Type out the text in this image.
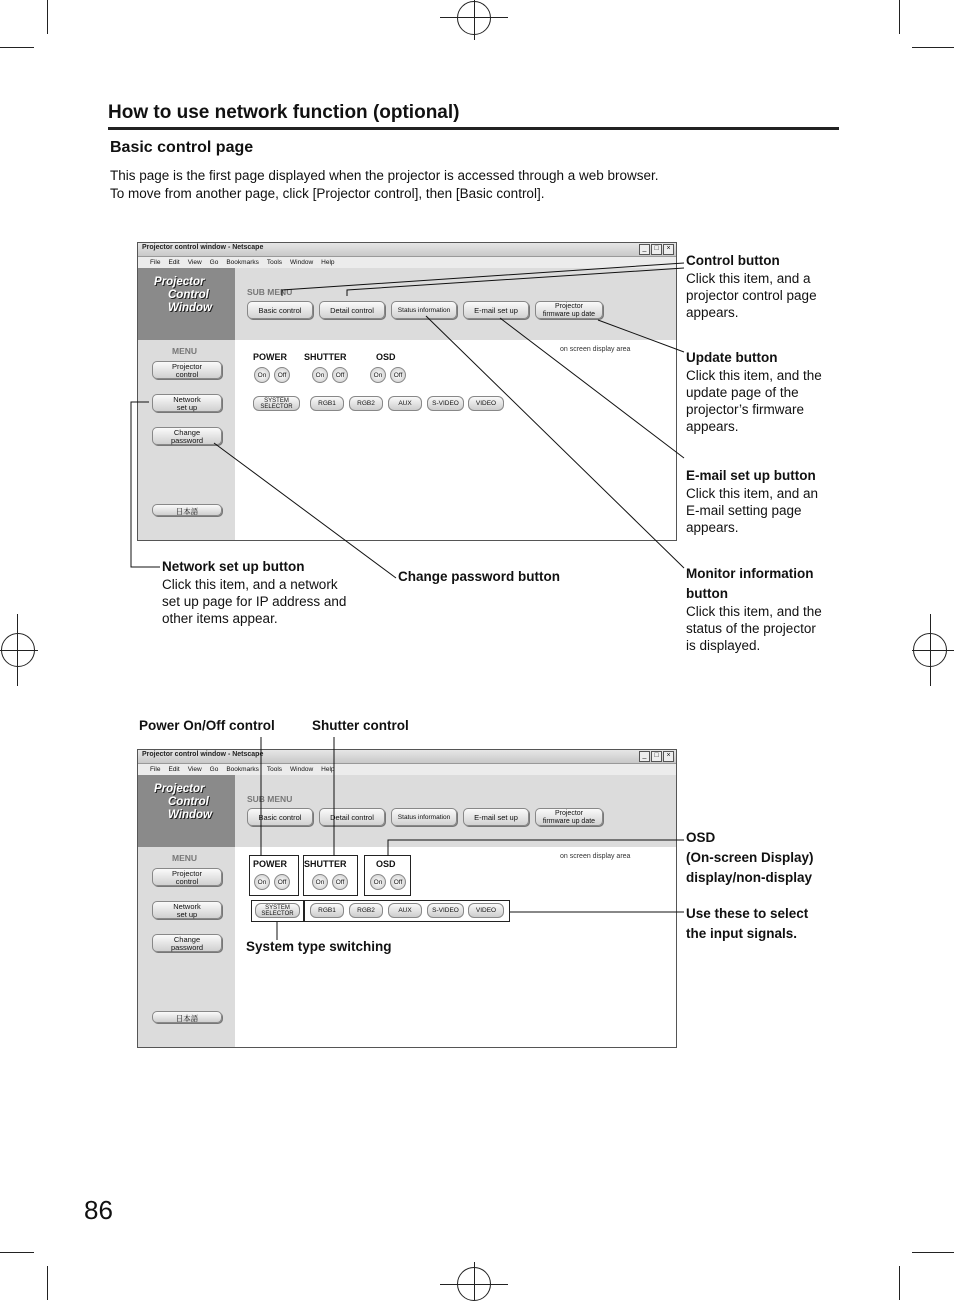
How to use network function (optional)
Basic control page
This page is the first page displayed when the projector is accessed through a web browser.
To move from another page, click [Projector control], then [Basic control].
Projector control window - Netscape	_	□	×
File Edit View Go Bookmarks Tools Window Help
Projector
Control
Window
SUB MENU
Basic control	Detail control	Status information	E-mail set up	Projector
firmware up date
MENU
Projector
control
Network
set up
Change
password
日本語
POWER SHUTTER	OSD
on screen display area
On	Off	On	Off	On	Off
SYSTEM
SELECTOR	RGB1	RGB2	AUX	S-VIDEO	VIDEO
Control button
Click this item, and a
projector control page
appears.
Update button
Click this item, and the
update page of the
projector’s firmware
appears.
E-mail set up button
Click this item, and an
E-mail setting page
appears.
Monitor information
button
Click this item, and the
status of the projector
is displayed.
Network set up button
Click this item, and a network
set up page for IP address and
other items appear.
Change password button
Power On/Off control	Shutter control
Projector control window - Netscape	_	□	×
File Edit View Go Bookmarks Tools Window Help
Projector
Control
Window
SUB MENU
Basic control	Detail control	Status information	E-mail set up	Projector
firmware up date
MENU
Projector
control
Network
set up
Change
password
日本語
POWER SHUTTER	OSD
on screen display area
On	Off	On	Off	On	Off
SYSTEM
SELECTOR	RGB1	RGB2	AUX	S-VIDEO	VIDEO
OSD
(On-screen Display)
display/non-display
Use these to select
the input signals.
System type switching
86
